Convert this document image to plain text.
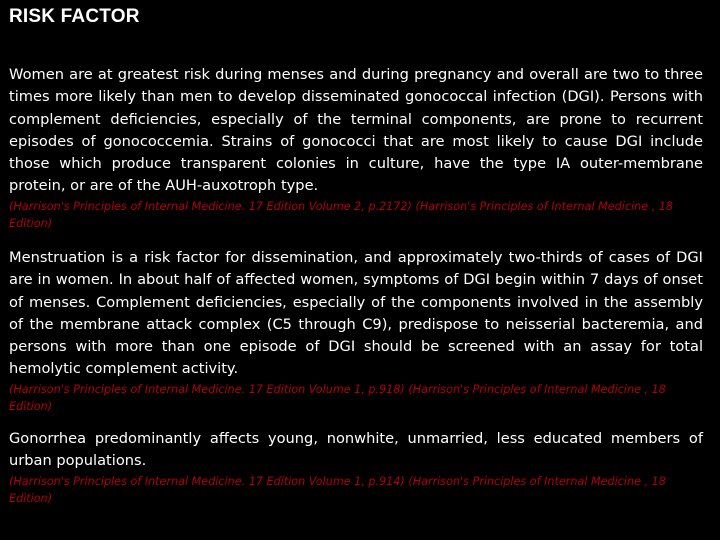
RISK FACTOR

Women are at greatest risk during menses and during pregnancy and overall are two to three times more likely than men to develop disseminated gonococcal infection (DGI). Persons with complement deficiencies, especially of the terminal components, are prone to recurrent episodes of gonococcemia. Strains of gonococci that are most likely to cause DGI include those which produce transparent colonies in culture, have the type IA outer-membrane protein, or are of the AUH-auxotroph type.

(Harrison's Principles of Internal Medicine. 17 Edition Volume 2, p.2172) (Harrison's Principles of Internal Medicine , 18 Edition)

Menstruation is a risk factor for dissemination, and approximately two-thirds of cases of DGI are in women. In about half of affected women, symptoms of DGI begin within 7 days of onset of menses. Complement deficiencies, especially of the components involved in the assembly of the membrane attack complex (C5 through C9), predispose to neisserial bacteremia, and persons with more than one episode of DGI should be screened with an assay for total hemolytic complement activity.

(Harrison's Principles of Internal Medicine. 17 Edition Volume 1, p.918) (Harrison's Principles of Internal Medicine , 18 Edition)

Gonorrhea predominantly affects young, nonwhite, unmarried, less educated members of urban populations.

(Harrison's Principles of Internal Medicine. 17 Edition Volume 1, p.914) (Harrison's Principles of Internal Medicine , 18 Edition)
